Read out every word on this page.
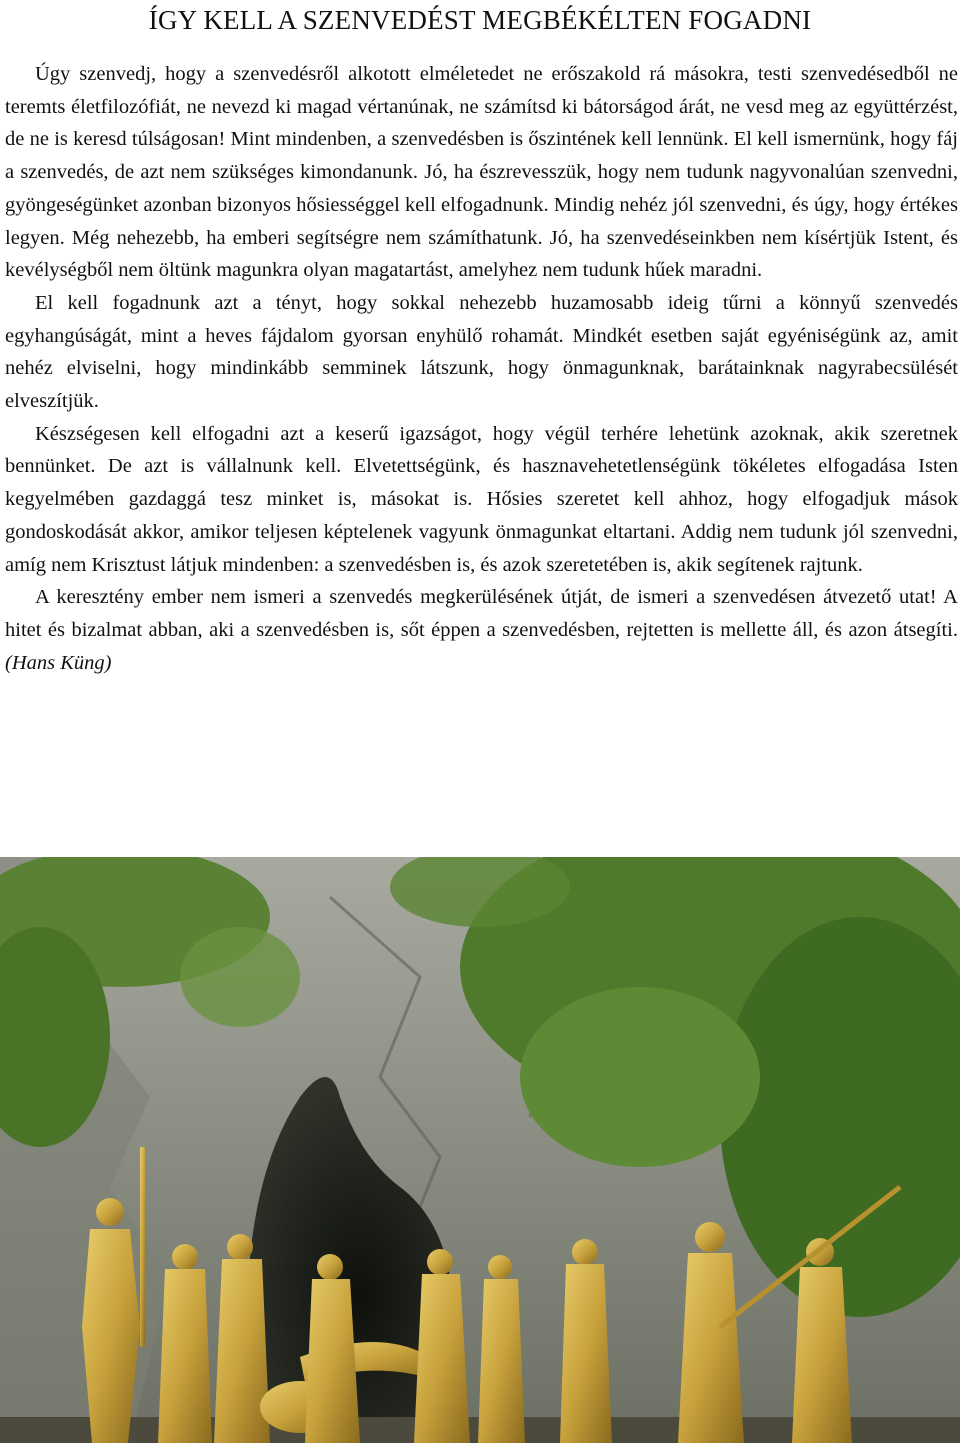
ÍGY KELL A SZENVEDÉST MEGBÉKÉLTEN FOGADNI

Úgy szenvedj, hogy a szenvedésről alkotott elméletedet ne erőszakold rá másokra, testi szenvedésedből ne teremts életfilozófiát, ne nevezd ki magad vértanúnak, ne számítsd ki bátorságod árát, ne vesd meg az együttérzést, de ne is keresd túlságosan! Mint mindenben, a szenvedésben is őszintének kell lennünk. El kell ismernünk, hogy fáj a szenvedés, de azt nem szükséges kimondanunk. Jó, ha észrevesszük, hogy nem tudunk nagyvonalúan szenvedni, gyöngeségünket azonban bizonyos hősiességgel kell elfogadnunk. Mindig nehéz jól szenvedni, és úgy, hogy értékes legyen. Még nehezebb, ha emberi segítségre nem számíthatunk. Jó, ha szenvedéseinkben nem kísértjük Istent, és kevélységből nem öltünk magunkra olyan magatartást, amelyhez nem tudunk hűek maradni.

El kell fogadnunk azt a tényt, hogy sokkal nehezebb huzamosabb ideig tűrni a könnyű szenvedés egyhangúságát, mint a heves fájdalom gyorsan enyhülő rohamát. Mindkét esetben saját egyéniségünk az, amit nehéz elviselni, hogy mindinkább semminek látszunk, hogy önmagunknak, barátainknak nagyrabecsülését elveszítjük.

Készségesen kell elfogadni azt a keserű igazságot, hogy végül terhére lehetünk azoknak, akik szeretnek bennünket. De azt is vállalnunk kell. Elvetettségünk, és hasznavehetetlenségünk tökéletes elfogadása Isten kegyelmében gazdaggá tesz minket is, másokat is. Hősies szeretet kell ahhoz, hogy elfogadjuk mások gondoskodását akkor, amikor teljesen képtelenek vagyunk önmagunkat eltartani. Addig nem tudunk jól szenvedni, amíg nem Krisztust látjuk mindenben: a szenvedésben is, és azok szeretetében is, akik segítenek rajtunk.

A keresztény ember nem ismeri a szenvedés megkerülésének útját, de ismeri a szenvedésen átvezető utat! A hitet és bizalmat abban, aki a szenvedésben is, sőt éppen a szenvedésben, rejtetten is mellette áll, és azon átsegíti. (Hans Küng)
